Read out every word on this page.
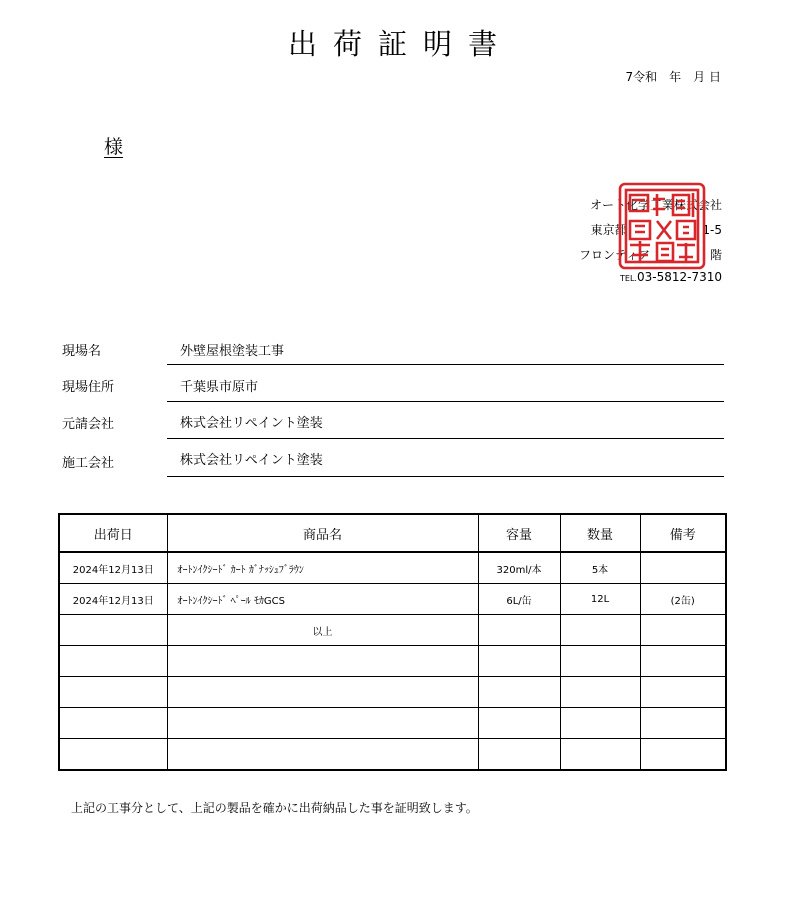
出荷証明書
7令和　年　月 日
様
オート化学工業株式会社
東京都　　　　　　 1-5
フロンティア　　　　　階
TEL.03-5812-7310
現場名	外壁屋根塗装工事
現場住所	千葉県市原市
元請会社	株式会社リペイント塗装
施工会社	株式会社リペイント塗装
出荷日	商品名	容量	数量	備考
2024年12月13日	ｵｰﾄﾝｲｸｼｰﾄﾞ ｶｰﾄ ｶﾞﾅｯｼｭﾌﾞﾗｳﾝ	320ml/本	5本	
2024年12月13日	ｵｰﾄﾝｲｸｼｰﾄﾞ ﾍﾟｰﾙ ﾓｶGCS	6L/缶	12L	(2缶)
	以上			

上記の工事分として、上記の製品を確かに出荷納品した事を証明致します。
